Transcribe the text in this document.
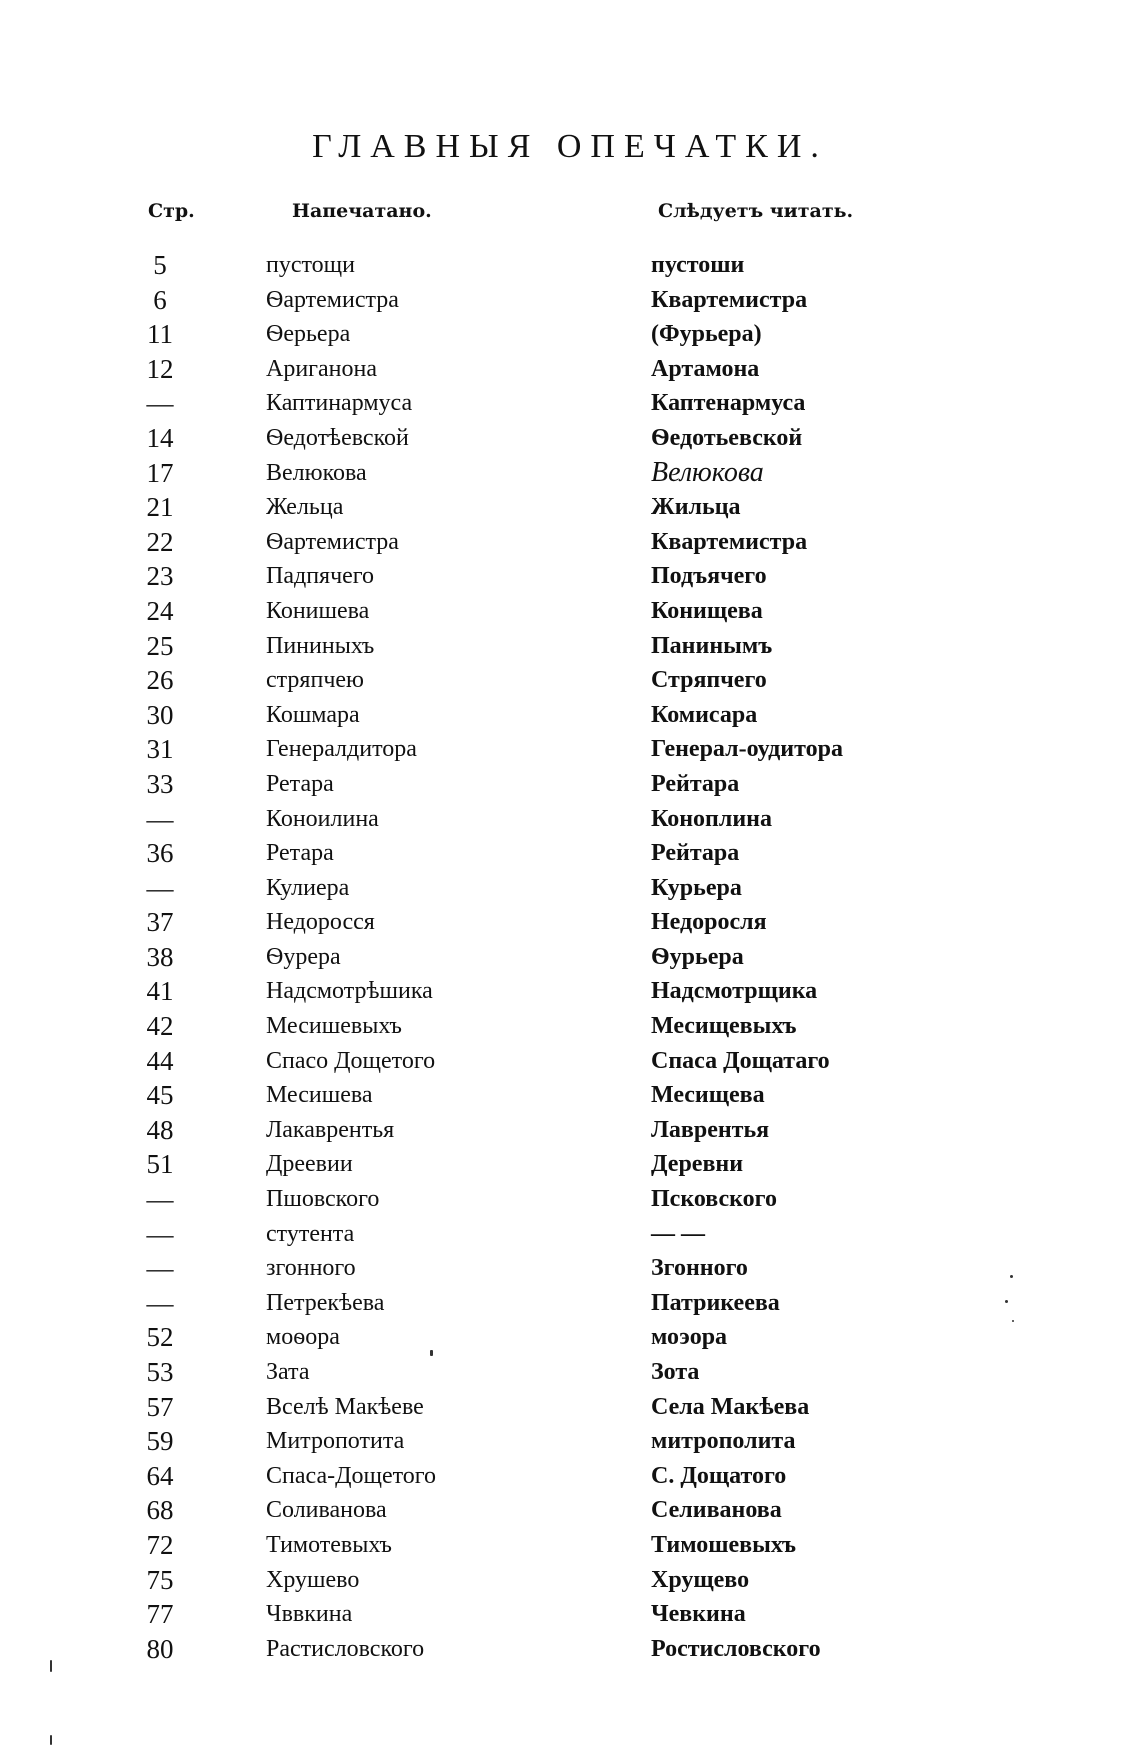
ГЛАВНЫЯ ОПЕЧАТКИ.
Стр.	Напечатано.	Слѣдуетъ читать.
5	пустощи	пустоши
6	Ѳартемистра	Квартемистра
11	Ѳерьера	(Фурьера)
12	Ариганона	Артамона
—	Каптинармуса	Каптенармуса
14	Ѳедотѣевской	Ѳедотьевской
17	Велюкова	Велюкова
21	Жельца	Жильца
22	Ѳартемистра	Квартемистра
23	Падпячего	Подъячего
24	Конишева	Конищева
25	Пининыхъ	Панинымъ
26	стряпчею	Стряпчего
30	Кошмара	Комисара
31	Генералдитора	Генерал-оудитора
33	Ретара	Рейтара
—	Коноилина	Коноплина
36	Ретара	Рейтара
—	Кулиера	Курьера
37	Недоросся	Недоросля
38	Ѳурера	Ѳурьера
41	Надсмотрѣшика	Надсмотрщика
42	Месишевыхъ	Месищевыхъ
44	Спасо Дощетого	Спаса Дощатаго
45	Месишева	Месищева
48	Лакаврентья	Лаврентья
51	Дреевии	Деревни
—	Пшовского	Псковского
—	стутента	— —
—	згонного	Згонного
—	Петрекѣева	Патрикеева
52	моѳора	моэора
53	Зата	Зота
57	Вселѣ Макѣеве	Села Макѣева
59	Митропотита	митрополита
64	Спаса-Дощетого	С. Дощатого
68	Соливанова	Селиванова
72	Тимотевыхъ	Тимошевыхъ
75	Хрушево	Хрущево
77	Чввкина	Чевкина
80	Растисловского	Ростисловского
